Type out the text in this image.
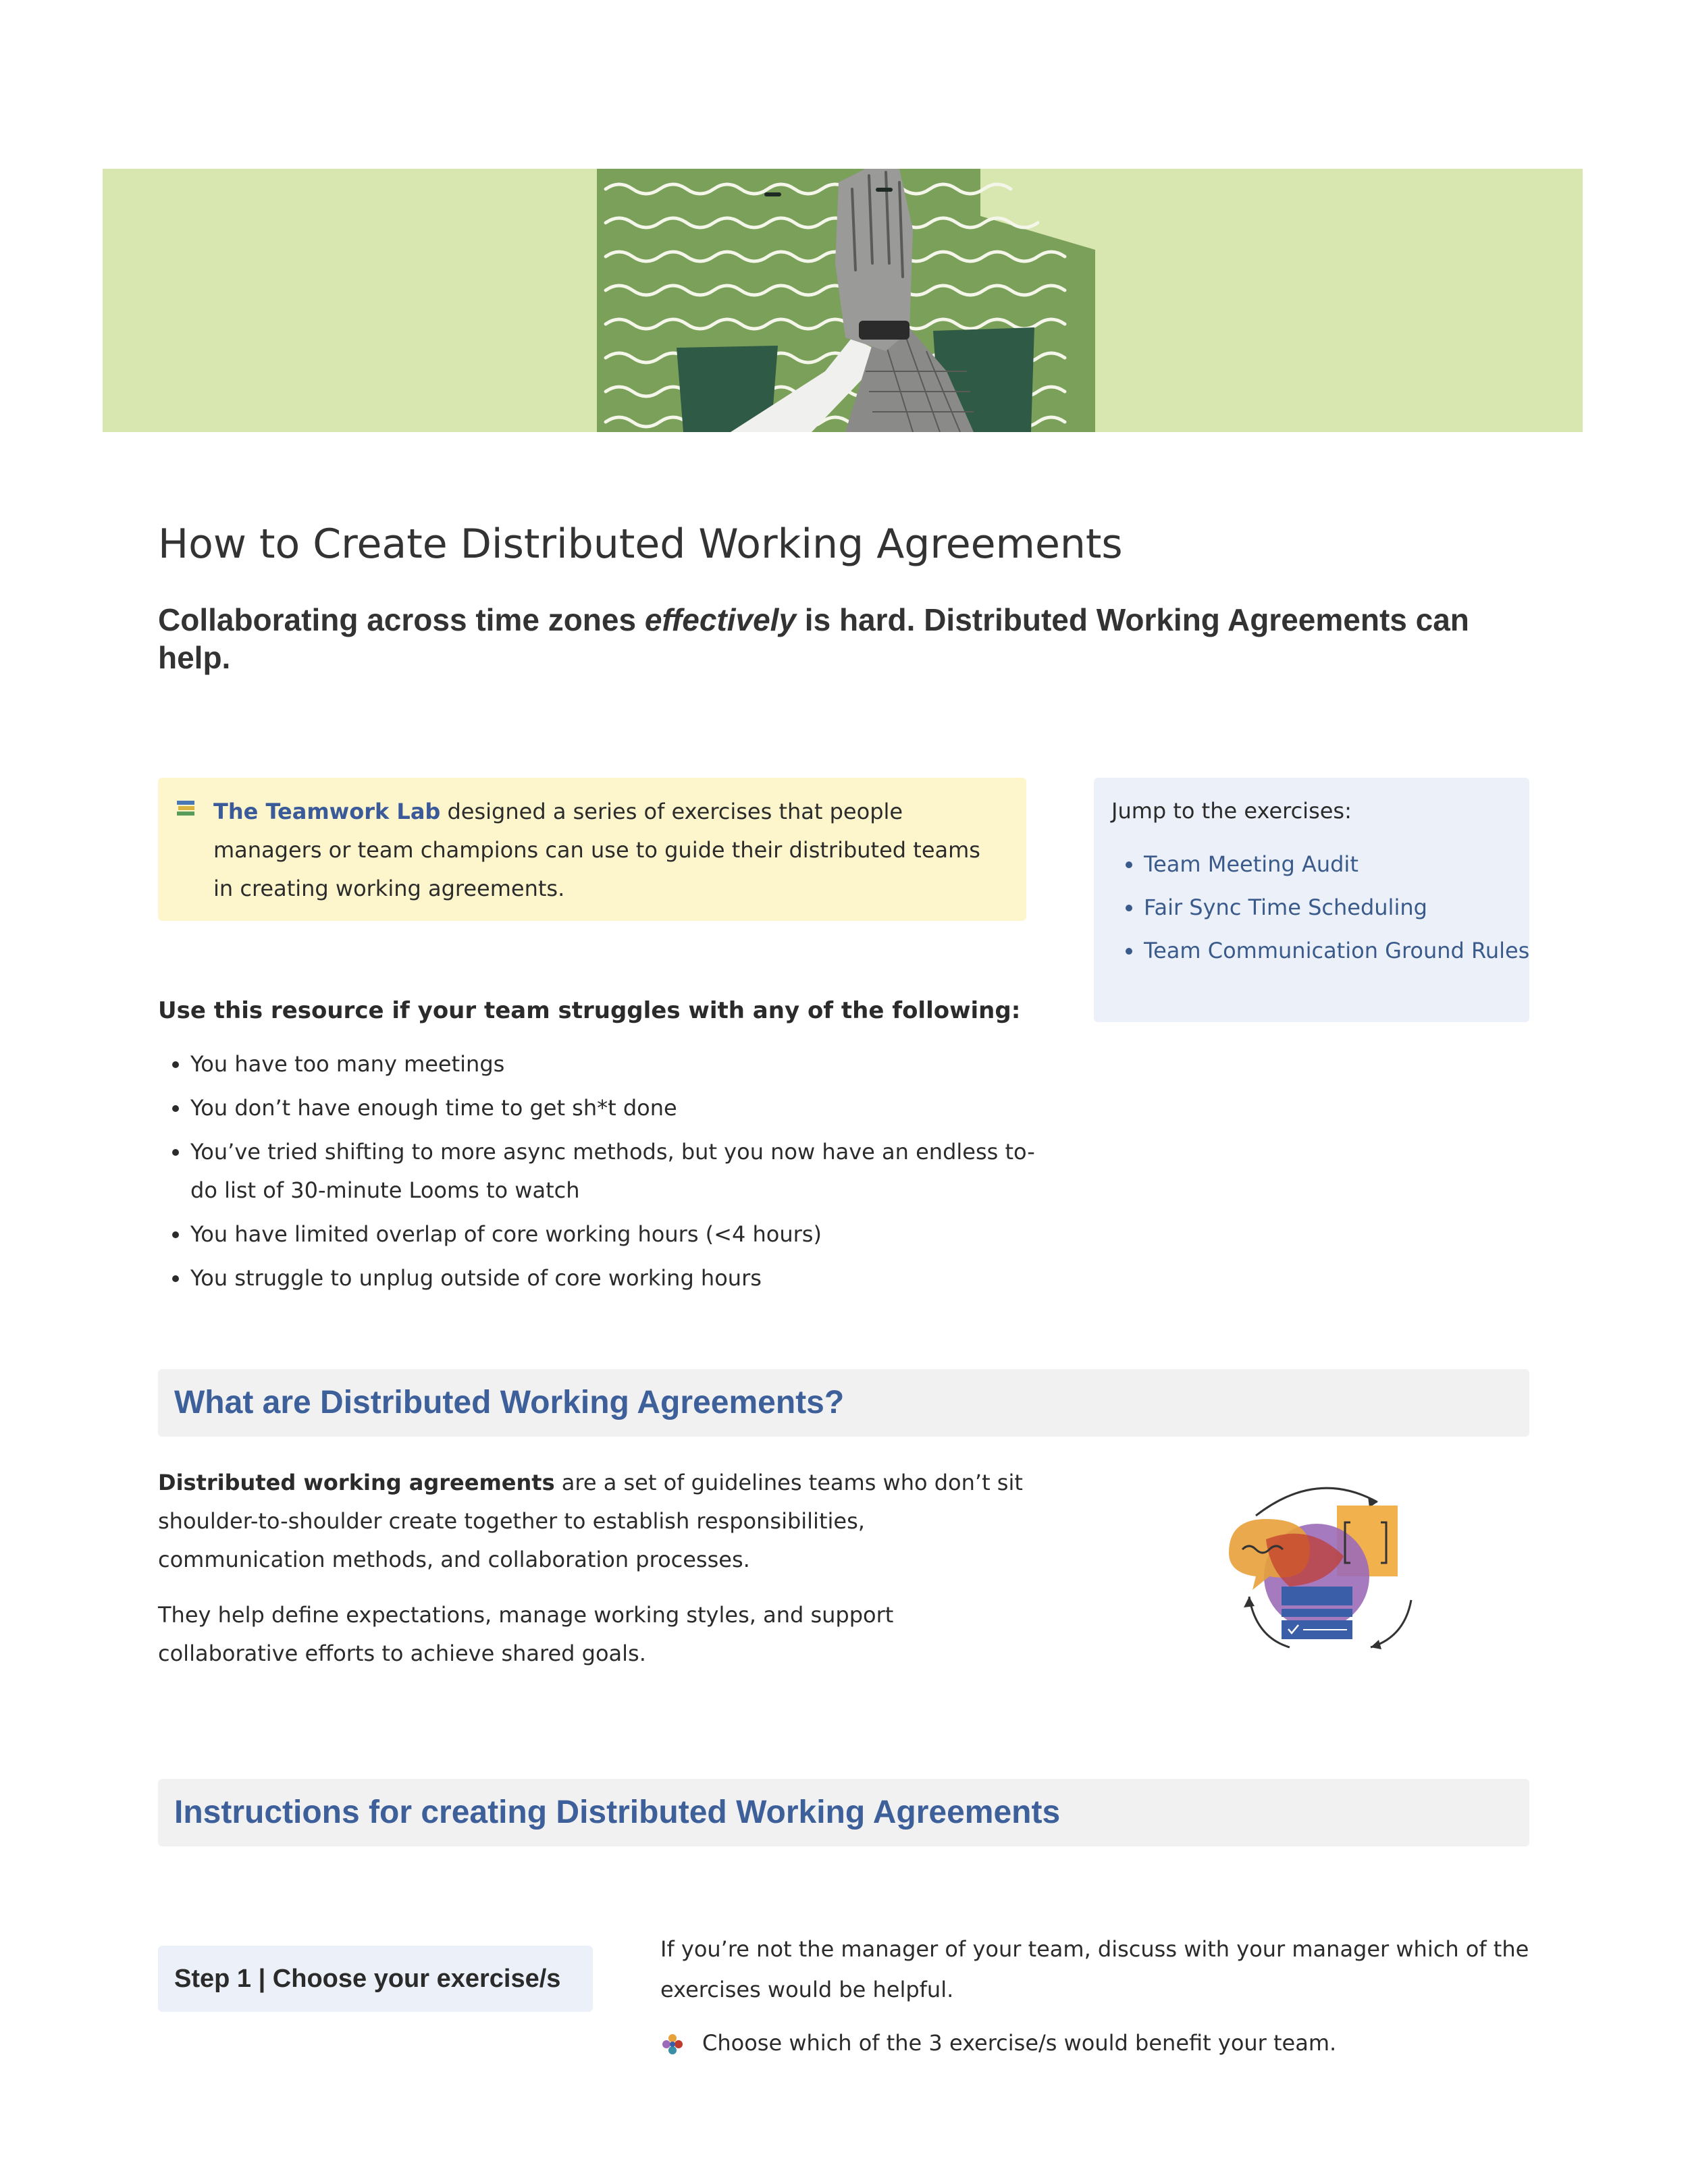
How to Create Distributed Working Agreements

Collaborating across time zones effectively is hard. Distributed Working Agreements can help.

The Teamwork Lab designed a series of exercises that people managers or team champions can use to guide their distributed teams in creating working agreements.
Jump to the exercises:
• Team Meeting Audit
• Fair Sync Time Scheduling
• Team Communication Ground Rules
Use this resource if your team struggles with any of the following:
• You have too many meetings
• You don’t have enough time to get sh*t done
• You’ve tried shifting to more async methods, but you now have an endless to-do list of 30-minute Looms to watch
• You have limited overlap of core working hours (<4 hours)
• You struggle to unplug outside of core working hours
What are Distributed Working Agreements?

Distributed working agreements are a set of guidelines teams who don’t sit shoulder-to-shoulder create together to establish responsibilities, communication methods, and collaboration processes.

They help define expectations, manage working styles, and support collaborative efforts to achieve shared goals.

Instructions for creating Distributed Working Agreements
Step 1 | Choose your exercise/s

If you’re not the manager of your team, discuss with your manager which of the exercises would be helpful.

Choose which of the 3 exercise/s would benefit your team.
